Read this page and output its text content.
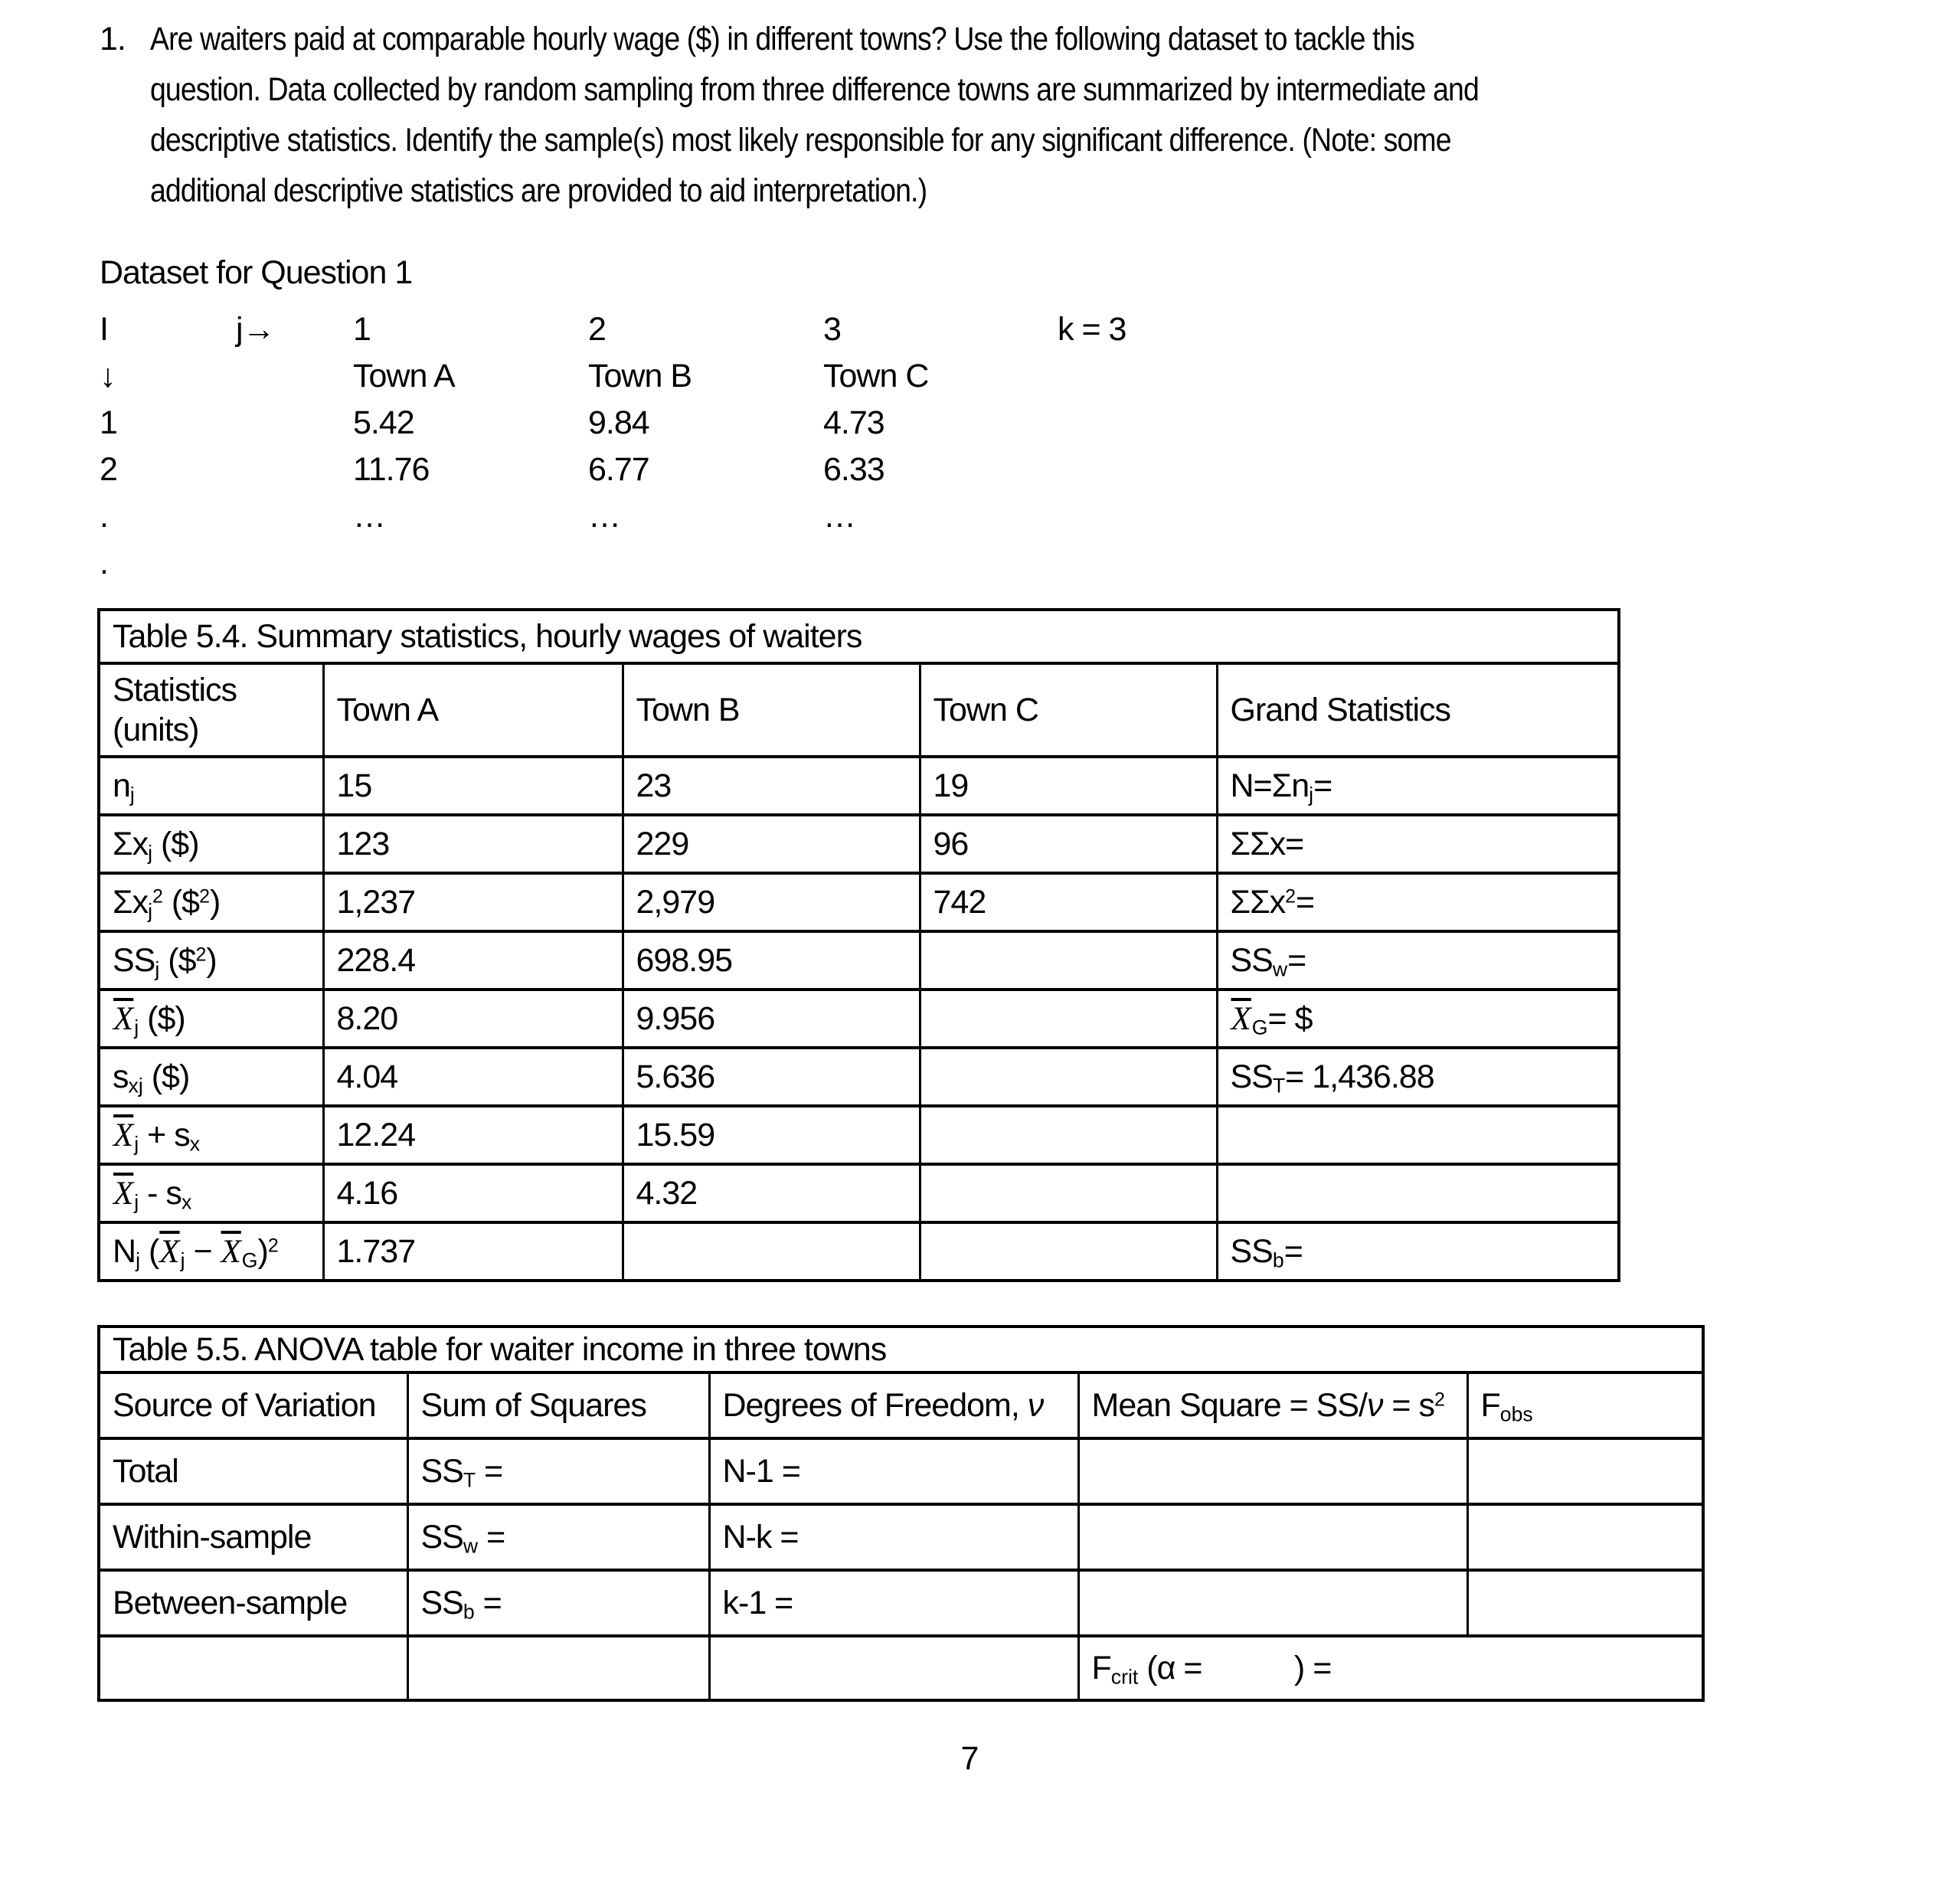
1. Are waiters paid at comparable hourly wage ($) in different towns? Use the following dataset to tackle this
question. Data collected by random sampling from three difference towns are summarized by intermediate and
descriptive statistics. Identify the sample(s) most likely responsible for any significant difference. (Note: some
additional descriptive statistics are provided to aid interpretation.)
Dataset for Question 1
I	j→	1	2	3	k = 3
↓	Town A	Town B	Town C
1	5.42	9.84	4.73
2	11.76	6.77	6.33
.	…	…	…
.
Table 5.4. Summary statistics, hourly wages of waiters				
Statistics
(units)	Town A	Town B	Town C	Grand Statistics
$n_j$	15	23	19	$N=\Sigma n_j=$
$\Sigma x_j$ ($)	123	229	96	ΣΣx=
$\Sigma x_j^2$ (\$$^2$)	1,237	2,979	742	ΣΣx$^2$=
$SS_j$ (\$$^2$)	228.4	698.95		$SS_w=$
$\overline{X}_j$ ($)	8.20	9.956		$\overline{X}_G=$ $
$s_{xj}$ ($)	4.04	5.636		$SS_T= 1,436.88$
$\overline{X}_j + s_x$	12.24	15.59		
$\overline{X}_j - s_x$	4.16	4.32		
$N_j$ $(\overline{X}_j - \overline{X}_G)^2$	1.737			$SS_b=$
Table 5.5. ANOVA table for waiter income in three towns				
Source of Variation	Sum of Squares	Degrees of Freedom, ν	Mean Square = $SS/\nu = s^2$	$F_{obs}$
Total	$SS_T$ =	N-1 =		
Within-sample	$SS_w$ =	N-k =		
Between-sample	$SS_b$ =	k-1 =		
			$F_{crit}$ (α =           ) =	
7
